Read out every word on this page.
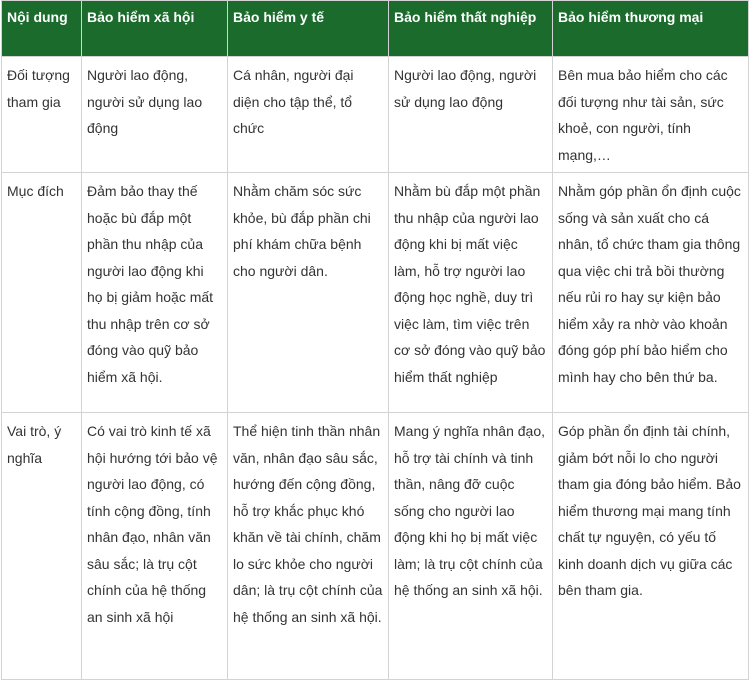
Nội dung	Bảo hiểm xã hội	Bảo hiểm y tế	Bảo hiểm thất nghiệp	Bảo hiểm thương mại
Đối tượng tham gia	Người lao động, người sử dụng lao động	Cá nhân, người đại diện cho tập thể, tổ chức	Người lao động, người sử dụng lao động	Bên mua bảo hiểm cho các đối tượng như tài sản, sức khoẻ, con người, tính mạng,…
Mục đích	Đảm bảo thay thế hoặc bù đắp một phần thu nhập của người lao động khi họ bị giảm hoặc mất thu nhập trên cơ sở đóng vào quỹ bảo hiểm xã hội.	Nhằm chăm sóc sức khỏe, bù đắp phần chi phí khám chữa bệnh cho người dân.	Nhằm bù đắp một phần thu nhập của người lao động khi bị mất việc làm, hỗ trợ người lao động học nghề, duy trì việc làm, tìm việc trên cơ sở đóng vào quỹ bảo hiểm thất nghiệp	Nhằm góp phần ổn định cuộc sống và sản xuất cho cá nhân, tổ chức tham gia thông qua việc chi trả bồi thường nếu rủi ro hay sự kiện bảo hiểm xảy ra nhờ vào khoản đóng góp phí bảo hiểm cho mình hay cho bên thứ ba.
Vai trò, ý nghĩa	Có vai trò kinh tế xã hội hướng tới bảo vệ người lao động, có tính cộng đồng, tính nhân đạo, nhân văn sâu sắc; là trụ cột chính của hệ thống an sinh xã hội	Thể hiện tinh thần nhân văn, nhân đạo sâu sắc, hướng đến cộng đồng, hỗ trợ khắc phục khó khăn về tài chính, chăm lo sức khỏe cho người dân; là trụ cột chính của hệ thống an sinh xã hội.	Mang ý nghĩa nhân đạo, hỗ trợ tài chính và tinh thần, nâng đỡ cuộc sống cho người lao động khi họ bị mất việc làm; là trụ cột chính của hệ thống an sinh xã hội.	Góp phần ổn định tài chính, giảm bớt nỗi lo cho người tham gia đóng bảo hiểm. Bảo hiểm thương mại mang tính chất tự nguyện, có yếu tố kinh doanh dịch vụ giữa các bên tham gia.
